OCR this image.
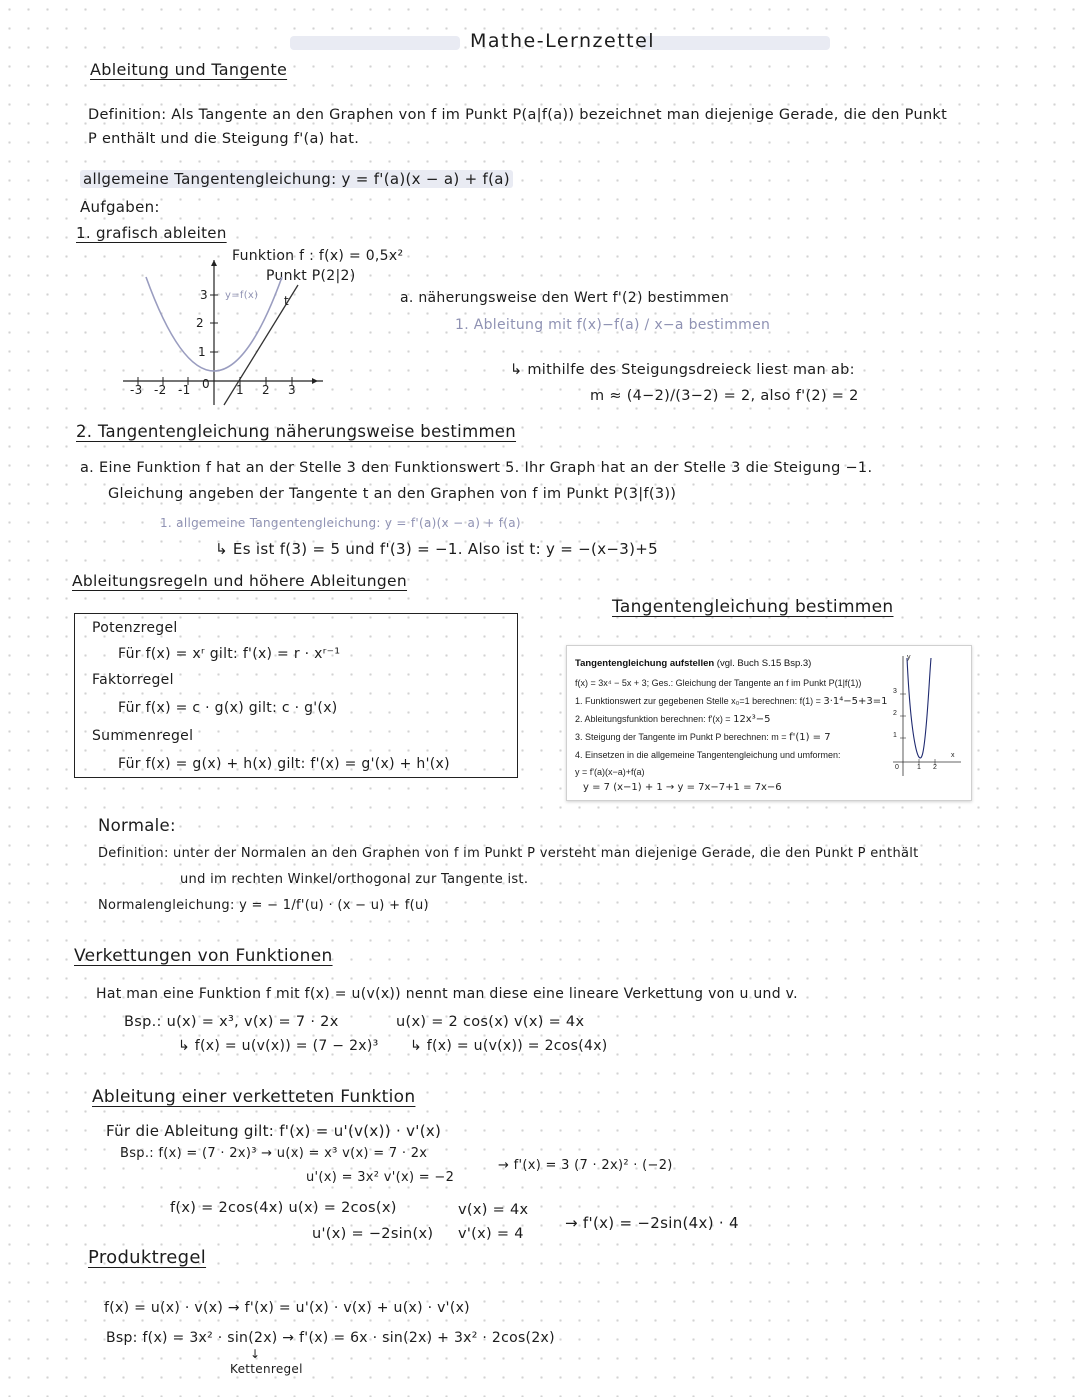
Mathe-Lernzettel
Ableitung und Tangente
Definition: Als Tangente an den Graphen von f im Punkt P(a|f(a)) bezeichnet man diejenige Gerade, die den Punkt
P enthält und die Steigung f'(a) hat.
allgemeine Tangentengleichung: y = f'(a)(x − a) + f(a)
Aufgaben:
1. grafisch ableiten
Funktion f : f(x) = 0,5x²
Punkt P(2|2)
y=f(x) t
3
2
1
-3 -2 -1 0 1 2 3
a. näherungsweise den Wert f'(2) bestimmen
1. Ableitung mit f(x)−f(a) / x−a bestimmen
↳ mithilfe des Steigungsdreieck liest man ab:
m ≈ (4−2)/(3−2) = 2, also f'(2) = 2
2. Tangentengleichung näherungsweise bestimmen
a. Eine Funktion f hat an der Stelle 3 den Funktionswert 5. Ihr Graph hat an der Stelle 3 die Steigung −1.
Gleichung angeben der Tangente t an den Graphen von f im Punkt P(3|f(3))
1. allgemeine Tangentengleichung: y = f'(a)(x − a) + f(a)
↳ Es ist f(3) = 5 und f'(3) = −1. Also ist t: y = −(x−3)+5
Ableitungsregeln und höhere Ableitungen
Potenzregel
Für f(x) = xʳ gilt: f'(x) = r · xʳ⁻¹
Faktorregel
Für f(x) = c · g(x) gilt: c · g'(x)
Summenregel
Für f(x) = g(x) + h(x) gilt: f'(x) = g'(x) + h'(x)
Tangentengleichung bestimmen
Tangentengleichung aufstellen (vgl. Buch S.15 Bsp.3)
f(x) = 3x⁴ − 5x + 3; Ges.: Gleichung der Tangente an f im Punkt P(1|f(1))
1. Funktionswert zur gegebenen Stelle x₀=1 berechnen: f(1) = 3·1⁴−5+3=1
2. Ableitungsfunktion berechnen: f'(x) = 12x³−5
3. Steigung der Tangente im Punkt P berechnen: m = f'(1) = 7
4. Einsetzen in die allgemeine Tangentengleichung und umformen:
y = f'(a)(x−a)+f(a)
y = 7 (x−1) + 1 → y = 7x−7+1 = 7x−6
y
3
2
1
0	1 2
x
Normale:
Definition: unter der Normalen an den Graphen von f im Punkt P versteht man diejenige Gerade, die den Punkt P enthält
und im rechten Winkel/orthogonal zur Tangente ist.
Normalengleichung: y = − 1/f'(u) · (x − u) + f(u)
Verkettungen von Funktionen
Hat man eine Funktion f mit f(x) = u(v(x)) nennt man diese eine lineare Verkettung von u und v.
Bsp.: u(x) = x³, v(x) = 7 · 2x
↳ f(x) = u(v(x)) = (7 − 2x)³
u(x) = 2 cos(x) v(x) = 4x
↳ f(x) = u(v(x)) = 2cos(4x)
Ableitung einer verketteten Funktion
Für die Ableitung gilt: f'(x) = u'(v(x)) · v'(x)
Bsp.: f(x) = (7 · 2x)³ → u(x) = x³ v(x) = 7 · 2x
u'(x) = 3x² v'(x) = −2
→ f'(x) = 3 (7 · 2x)² · (−2)
f(x) = 2cos(4x) u(x) = 2cos(x)	v(x) = 4x
u'(x) = −2sin(x) v'(x) = 4
→ f'(x) = −2sin(4x) · 4
Produktregel
f(x) = u(x) · v(x) → f'(x) = u'(x) · v(x) + u(x) · v'(x)
Bsp: f(x) = 3x² · sin(2x) → f'(x) = 6x · sin(2x) + 3x² · 2cos(2x)
↓
Kettenregel
